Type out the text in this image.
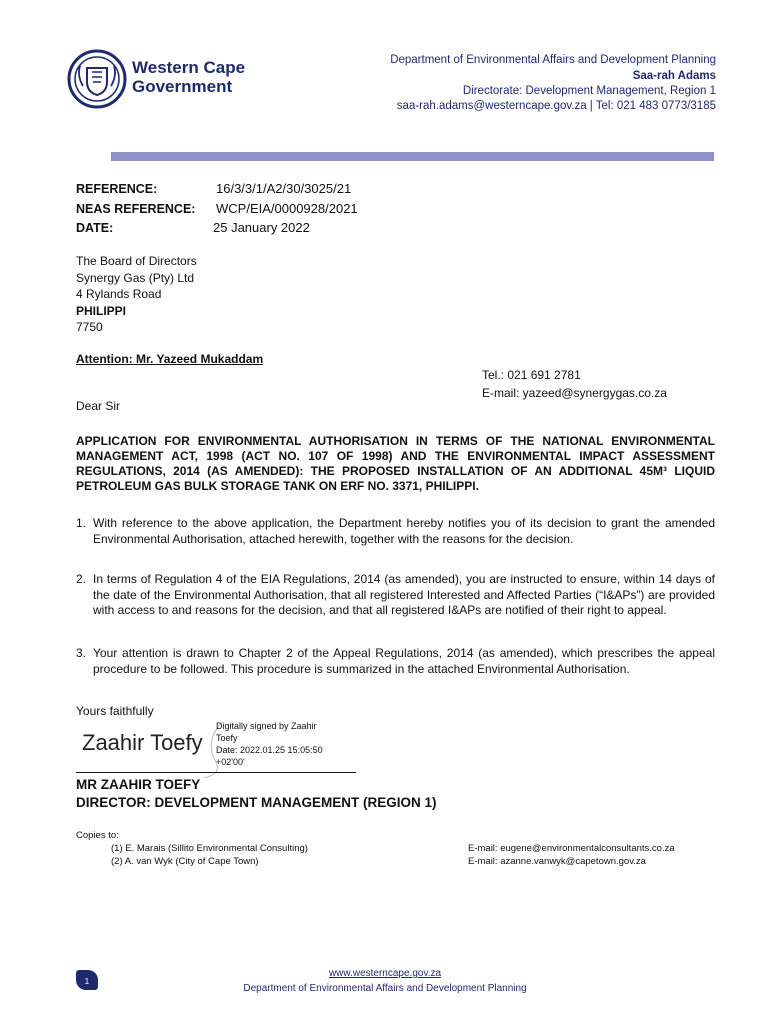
Western Cape
Government
Department of Environmental Affairs and Development Planning
Saa-rah Adams
Directorate: Development Management, Region 1
saa-rah.adams@westerncape.gov.za | Tel: 021 483 0773/3185
REFERENCE:	16/3/3/1/A2/30/3025/21
NEAS REFERENCE: WCP/EIA/0000928/2021
DATE:	25 January 2022
The Board of Directors
Synergy Gas (Pty) Ltd
4 Rylands Road
PHILIPPI
7750
Attention: Mr. Yazeed Mukaddam
Tel.: 021 691 2781
E-mail: yazeed@synergygas.co.za
Dear Sir
APPLICATION FOR ENVIRONMENTAL AUTHORISATION IN TERMS OF THE NATIONAL ENVIRONMENTAL MANAGEMENT ACT, 1998 (ACT NO. 107 OF 1998) AND THE ENVIRONMENTAL IMPACT ASSESSMENT REGULATIONS, 2014 (AS AMENDED): THE PROPOSED INSTALLATION OF AN ADDITIONAL 45M³ LIQUID PETROLEUM GAS BULK STORAGE TANK ON ERF NO. 3371, PHILIPPI.
1. With reference to the above application, the Department hereby notifies you of its decision to grant the amended Environmental Authorisation, attached herewith, together with the reasons for the decision.
2. In terms of Regulation 4 of the EIA Regulations, 2014 (as amended), you are instructed to ensure, within 14 days of the date of the Environmental Authorisation, that all registered Interested and Affected Parties (“I&APs”) are provided with access to and reasons for the decision, and that all registered I&APs are notified of their right to appeal.
3. Your attention is drawn to Chapter 2 of the Appeal Regulations, 2014 (as amended), which prescribes the appeal procedure to be followed. This procedure is summarized in the attached Environmental Authorisation.
Yours faithfully
Zaahir Toefy
Digitally signed by Zaahir
Toefy
Date: 2022.01.25 15:05:50
+02'00'
MR ZAAHIR TOEFY
DIRECTOR: DEVELOPMENT MANAGEMENT (REGION 1)
Copies to:
(1) E. Marais (Sillito Environmental Consulting)	E-mail: eugene@environmentalconsultants.co.za
(2) A. van Wyk (City of Cape Town)	E-mail: azanne.vanwyk@capetown.gov.za
1
www.westerncape.gov.za
Department of Environmental Affairs and Development Planning
